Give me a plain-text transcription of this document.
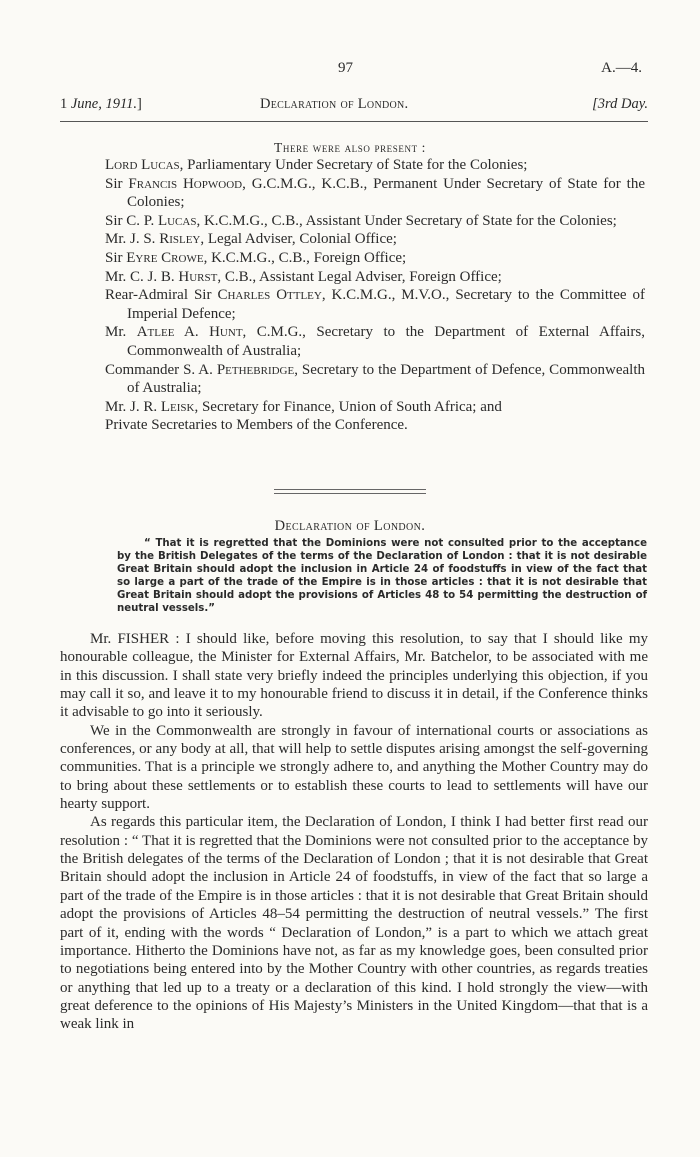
97	A.—4.
1 June, 1911.]	Declaration of London.	[3rd Day.
There were also present :

Lord Lucas, Parliamentary Under Secretary of State for the Colonies;

Sir Francis Hopwood, G.C.M.G., K.C.B., Permanent Under Secretary of State for the Colonies;

Sir C. P. Lucas, K.C.M.G., C.B., Assistant Under Secretary of State for the Colonies;

Mr. J. S. Risley, Legal Adviser, Colonial Office;

Sir Eyre Crowe, K.C.M.G., C.B., Foreign Office;

Mr. C. J. B. Hurst, C.B., Assistant Legal Adviser, Foreign Office;

Rear-Admiral Sir Charles Ottley, K.C.M.G., M.V.O., Secretary to the Committee of Imperial Defence;

Mr. Atlee A. Hunt, C.M.G., Secretary to the Department of External Affairs, Commonwealth of Australia;

Commander S. A. Pethebridge, Secretary to the Department of Defence, Commonwealth of Australia;

Mr. J. R. Leisk, Secretary for Finance, Union of South Africa; and

Private Secretaries to Members of the Conference.

Declaration of London.

“ That it is regretted that the Dominions were not consulted prior to the acceptance by the British Delegates of the terms of the Declaration of London : that it is not desirable Great Britain should adopt the inclusion in Article 24 of foodstuffs in view of the fact that so large a part of the trade of the Empire is in those articles : that it is not desirable that Great Britain should adopt the provisions of Articles 48 to 54 permitting the destruction of neutral vessels.”

Mr. FISHER : I should like, before moving this resolution, to say that I should like my honourable colleague, the Minister for External Affairs, Mr. Batchelor, to be associated with me in this discussion. I shall state very briefly indeed the principles underlying this objection, if you may call it so, and leave it to my honourable friend to discuss it in detail, if the Conference thinks it advisable to go into it seriously.

We in the Commonwealth are strongly in favour of international courts or associations as conferences, or any body at all, that will help to settle disputes arising amongst the self-governing communities. That is a principle we strongly adhere to, and anything the Mother Country may do to bring about these settlements or to establish these courts to lead to settlements will have our hearty support.

As regards this particular item, the Declaration of London, I think I had better first read our resolution : “ That it is regretted that the Dominions were not consulted prior to the acceptance by the British delegates of the terms of the Declaration of London ; that it is not desirable that Great Britain should adopt the inclusion in Article 24 of foodstuffs, in view of the fact that so large a part of the trade of the Empire is in those articles : that it is not desirable that Great Britain should adopt the provisions of Articles 48–54 permitting the destruction of neutral vessels.” The first part of it, ending with the words “ Declaration of London,” is a part to which we attach great importance. Hitherto the Dominions have not, as far as my knowledge goes, been consulted prior to negotiations being entered into by the Mother Country with other countries, as regards treaties or anything that led up to a treaty or a declaration of this kind. I hold strongly the view—with great deference to the opinions of His Majesty’s Ministers in the United Kingdom—that that is a weak link in
